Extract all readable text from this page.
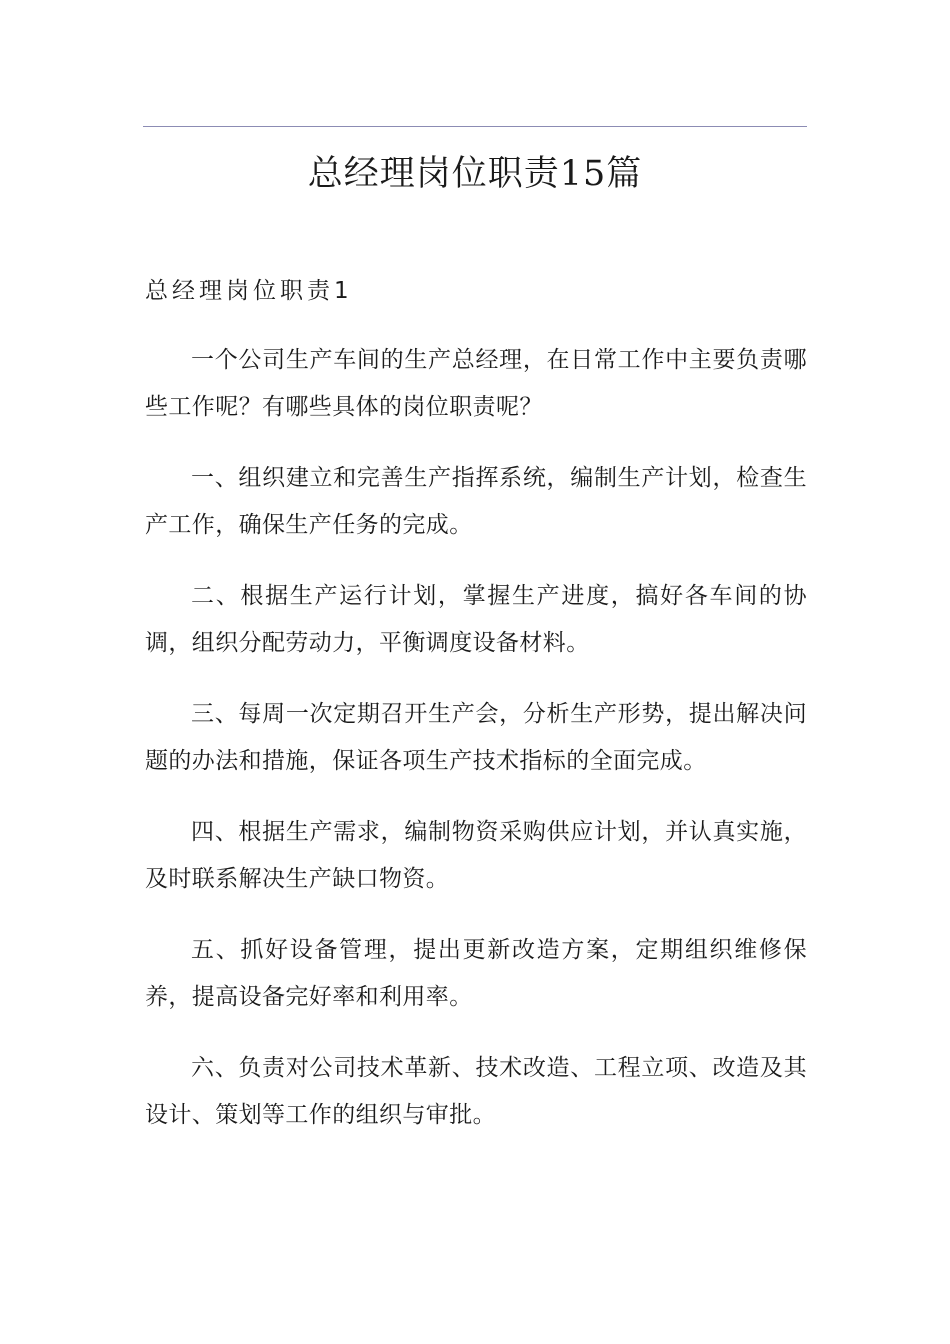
总经理岗位职责15篇
总经理岗位职责1

一个公司生产车间的生产总经理，在日常工作中主要负责哪些工作呢？有哪些具体的岗位职责呢？

一、组织建立和完善生产指挥系统，编制生产计划，检查生产工作，确保生产任务的完成。

二、根据生产运行计划，掌握生产进度，搞好各车间的协调，组织分配劳动力，平衡调度设备材料。

三、每周一次定期召开生产会，分析生产形势，提出解决问题的办法和措施，保证各项生产技术指标的全面完成。

四、根据生产需求，编制物资采购供应计划，并认真实施，及时联系解决生产缺口物资。

五、抓好设备管理，提出更新改造方案，定期组织维修保养，提高设备完好率和利用率。

六、负责对公司技术革新、技术改造、工程立项、改造及其设计、策划等工作的组织与审批。
